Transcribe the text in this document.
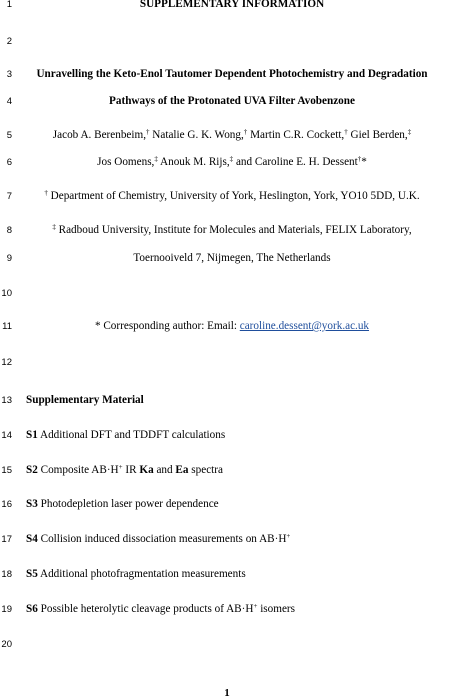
1
2
3
4
5
6
7
8
9
10
11
12
13
14
15
16
17
18
19
20
SUPPLEMENTARY INFORMATION
Unravelling the Keto-Enol Tautomer Dependent Photochemistry and Degradation
Pathways of the Protonated UVA Filter Avobenzone
Jacob A. Berenbeim,† Natalie G. K. Wong,† Martin C.R. Cockett,† Giel Berden,‡
Jos Oomens,‡ Anouk M. Rijs,‡ and Caroline E. H. Dessent†*
† Department of Chemistry, University of York, Heslington, York, YO10 5DD, U.K.
‡ Radboud University, Institute for Molecules and Materials, FELIX Laboratory,
Toernooiveld 7, Nijmegen, The Netherlands
* Corresponding author: Email: caroline.dessent@york.ac.uk
Supplementary Material
S1 Additional DFT and TDDFT calculations
S2 Composite AB·H+ IR Ka and Ea spectra
S3 Photodepletion laser power dependence
S4 Collision induced dissociation measurements on AB·H+
S5 Additional photofragmentation measurements
S6 Possible heterolytic cleavage products of AB·H+ isomers
1
